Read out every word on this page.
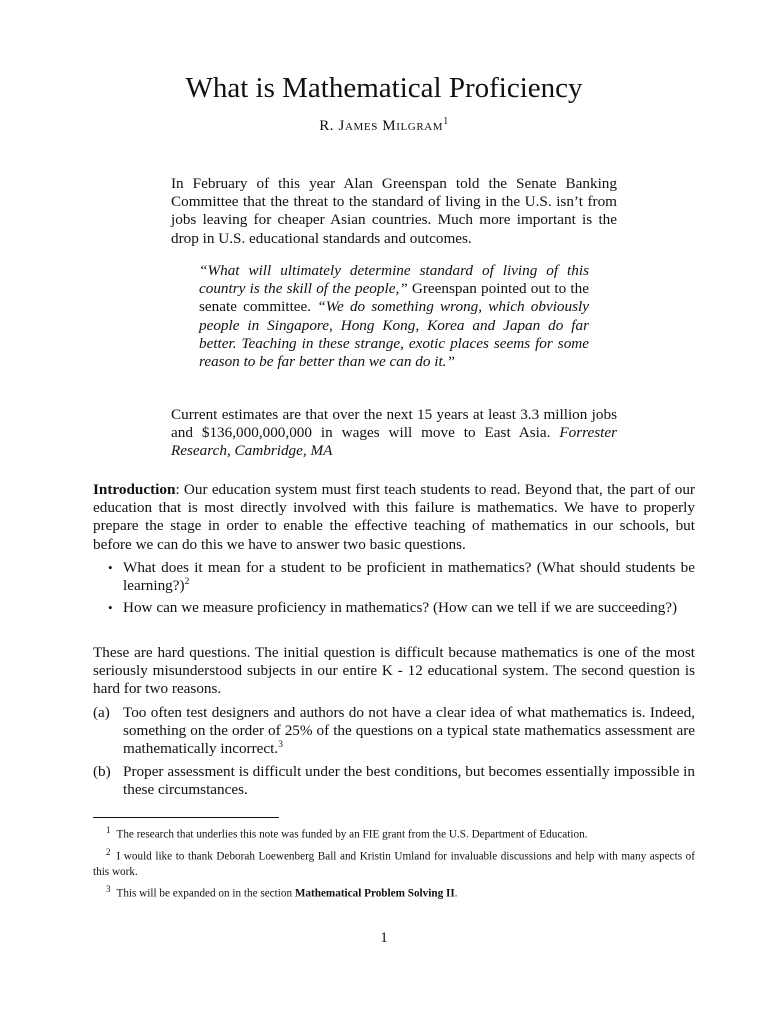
What is Mathematical Proficiency
R. James Milgram$^1$

In February of this year Alan Greenspan told the Senate Banking Committee that the threat to the standard of living in the U.S. isn’t from jobs leaving for cheaper Asian countries. Much more important is the drop in U.S. educational standards and outcomes.

“What will ultimately determine standard of living of this country is the skill of the people,” Greenspan pointed out to the senate committee. “We do something wrong, which obviously people in Singapore, Hong Kong, Korea and Japan do far better. Teaching in these strange, exotic places seems for some reason to be far better than we can do it.”

Current estimates are that over the next 15 years at least 3.3 million jobs and $136,000,000,000 in wages will move to East Asia. Forrester Research, Cambridge, MA

Introduction: Our education system must first teach students to read. Beyond that, the part of our education that is most directly involved with this failure is mathematics. We have to properly prepare the stage in order to enable the effective teaching of mathematics in our schools, but before we can do this we have to answer two basic questions.

• What does it mean for a student to be proficient in mathematics? (What should students be learning?)$^2$
• How can we measure proficiency in mathematics? (How can we tell if we are succeeding?)

These are hard questions. The initial question is difficult because mathematics is one of the most seriously misunderstood subjects in our entire K - 12 educational system. The second question is hard for two reasons.

(a) Too often test designers and authors do not have a clear idea of what mathematics is. Indeed, something on the order of 25% of the questions on a typical state mathematics assessment are mathematically incorrect.$^3$
(b) Proper assessment is difficult under the best conditions, but becomes essentially impossible in these circumstances.

$^1$ The research that underlies this note was funded by an FIE grant from the U.S. Department of Education.

$^2$ I would like to thank Deborah Loewenberg Ball and Kristin Umland for invaluable discussions and help with many aspects of this work.

$^3$ This will be expanded on in the section Mathematical Problem Solving II.

1
